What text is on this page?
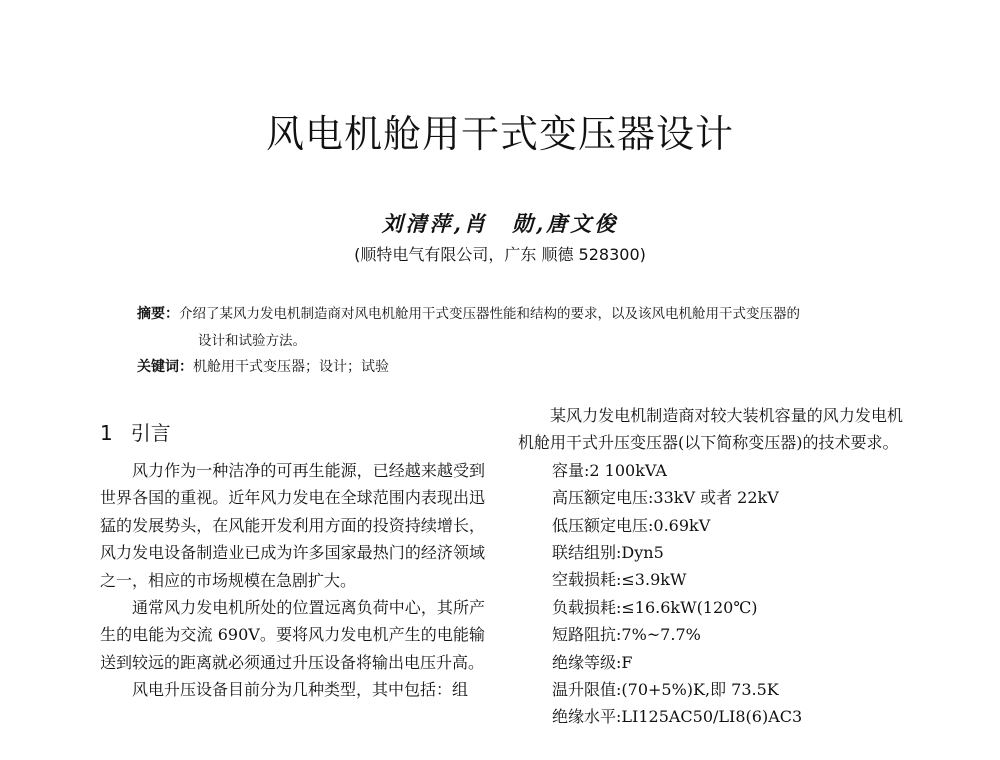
风电机舱用干式变压器设计
刘清萍,肖　勋,唐文俊
(顺特电气有限公司，广东 顺德 528300)
摘要：介绍了某风力发电机制造商对风电机舱用干式变压器性能和结构的要求，以及该风电机舱用干式变压器的
设计和试验方法。
关键词：机舱用干式变压器；设计；试验
1 引言

风力作为一种洁净的可再生能源，已经越来越受到世界各国的重视。近年风力发电在全球范围内表现出迅猛的发展势头，在风能开发利用方面的投资持续增长，风力发电设备制造业已成为许多国家最热门的经济领域之一，相应的市场规模在急剧扩大。

通常风力发电机所处的位置远离负荷中心，其所产生的电能为交流 690V。要将风力发电机产生的电能输送到较远的距离就必须通过升压设备将输出电压升高。

风电升压设备目前分为几种类型，其中包括：组

某风力发电机制造商对较大装机容量的风力发电机机舱用干式升压变压器(以下简称变压器)的技术要求。

容量:2 100kVA
高压额定电压:33kV 或者 22kV
低压额定电压:0.69kV
联结组别:Dyn5
空载损耗:≤3.9kW
负载损耗:≤16.6kW(120℃)
短路阻抗:7%~7.7%
绝缘等级:F
温升限值:(70+5%)K,即 73.5K
绝缘水平:LI125AC50/LI8(6)AC3
